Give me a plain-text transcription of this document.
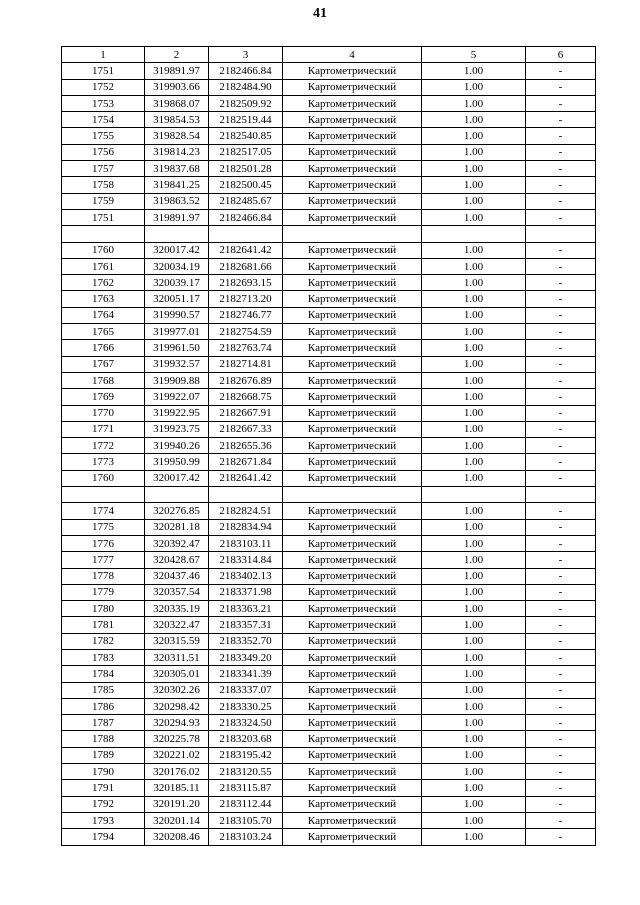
41
1	2	3	4	5	6
1751	319891.97	2182466.84	Картометрический	1.00	-
1752	319903.66	2182484.90	Картометрический	1.00	-
1753	319868.07	2182509.92	Картометрический	1.00	-
1754	319854.53	2182519.44	Картометрический	1.00	-
1755	319828.54	2182540.85	Картометрический	1.00	-
1756	319814.23	2182517.05	Картометрический	1.00	-
1757	319837.68	2182501.28	Картометрический	1.00	-
1758	319841.25	2182500.45	Картометрический	1.00	-
1759	319863.52	2182485.67	Картометрический	1.00	-
1751	319891.97	2182466.84	Картометрический	1.00	-

1760	320017.42	2182641.42	Картометрический	1.00	-
1761	320034.19	2182681.66	Картометрический	1.00	-
1762	320039.17	2182693.15	Картометрический	1.00	-
1763	320051.17	2182713.20	Картометрический	1.00	-
1764	319990.57	2182746.77	Картометрический	1.00	-
1765	319977.01	2182754.59	Картометрический	1.00	-
1766	319961.50	2182763.74	Картометрический	1.00	-
1767	319932.57	2182714.81	Картометрический	1.00	-
1768	319909.88	2182676.89	Картометрический	1.00	-
1769	319922.07	2182668.75	Картометрический	1.00	-
1770	319922.95	2182667.91	Картометрический	1.00	-
1771	319923.75	2182667.33	Картометрический	1.00	-
1772	319940.26	2182655.36	Картометрический	1.00	-
1773	319950.99	2182671.84	Картометрический	1.00	-
1760	320017.42	2182641.42	Картометрический	1.00	-

1774	320276.85	2182824.51	Картометрический	1.00	-
1775	320281.18	2182834.94	Картометрический	1.00	-
1776	320392.47	2183103.11	Картометрический	1.00	-
1777	320428.67	2183314.84	Картометрический	1.00	-
1778	320437.46	2183402.13	Картометрический	1.00	-
1779	320357.54	2183371.98	Картометрический	1.00	-
1780	320335.19	2183363.21	Картометрический	1.00	-
1781	320322.47	2183357.31	Картометрический	1.00	-
1782	320315.59	2183352.70	Картометрический	1.00	-
1783	320311.51	2183349.20	Картометрический	1.00	-
1784	320305.01	2183341.39	Картометрический	1.00	-
1785	320302.26	2183337.07	Картометрический	1.00	-
1786	320298.42	2183330.25	Картометрический	1.00	-
1787	320294.93	2183324.50	Картометрический	1.00	-
1788	320225.78	2183203.68	Картометрический	1.00	-
1789	320221.02	2183195.42	Картометрический	1.00	-
1790	320176.02	2183120.55	Картометрический	1.00	-
1791	320185.11	2183115.87	Картометрический	1.00	-
1792	320191.20	2183112.44	Картометрический	1.00	-
1793	320201.14	2183105.70	Картометрический	1.00	-
1794	320208.46	2183103.24	Картометрический	1.00	-
